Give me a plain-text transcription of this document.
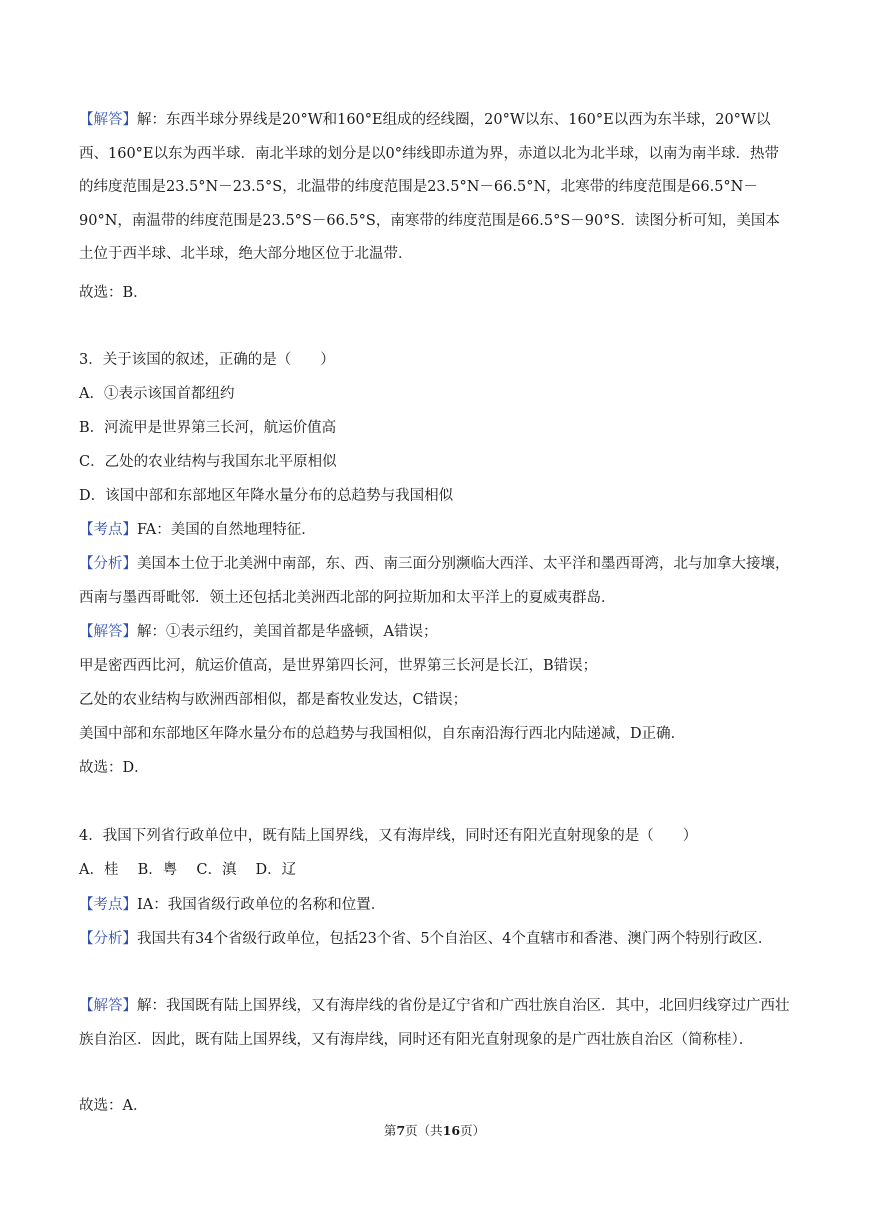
【解答】解：东西半球分界线是20°W和160°E组成的经线圈，20°W以东、160°E以西为东半球，20°W以西、160°E以东为西半球．南北半球的划分是以0°纬线即赤道为界，赤道以北为北半球，以南为南半球．热带的纬度范围是23.5°N－23.5°S，北温带的纬度范围是23.5°N－66.5°N，北寒带的纬度范围是66.5°N－90°N，南温带的纬度范围是23.5°S－66.5°S，南寒带的纬度范围是66.5°S－90°S．读图分析可知，美国本土位于西半球、北半球，绝大部分地区位于北温带．
故选：B．
3．关于该国的叙述，正确的是（　　）
A．①表示该国首都纽约
B．河流甲是世界第三长河，航运价值高
C．乙处的农业结构与我国东北平原相似
D．该国中部和东部地区年降水量分布的总趋势与我国相似
【考点】FA：美国的自然地理特征．
【分析】美国本土位于北美洲中南部，东、西、南三面分别濒临大西洋、太平洋和墨西哥湾，北与加拿大接壤，西南与墨西哥毗邻．领土还包括北美洲西北部的阿拉斯加和太平洋上的夏威夷群岛．
【解答】解：①表示纽约，美国首都是华盛顿，A错误；
甲是密西西比河，航运价值高，是世界第四长河，世界第三长河是长江，B错误；
乙处的农业结构与欧洲西部相似，都是畜牧业发达，C错误；
美国中部和东部地区年降水量分布的总趋势与我国相似，自东南沿海行西北内陆递减，D正确．
故选：D．
4．我国下列省行政单位中，既有陆上国界线，又有海岸线，同时还有阳光直射现象的是（　　）
A．桂　 B．粤　 C．滇　 D．辽
【考点】IA：我国省级行政单位的名称和位置．
【分析】我国共有34个省级行政单位，包括23个省、5个自治区、4个直辖市和香港、澳门两个特别行政区．
【解答】解：我国既有陆上国界线，又有海岸线的省份是辽宁省和广西壮族自治区．其中，北回归线穿过广西壮族自治区．因此，既有陆上国界线，又有海岸线，同时还有阳光直射现象的是广西壮族自治区（简称桂）．
故选：A．
第7页（共16页）
